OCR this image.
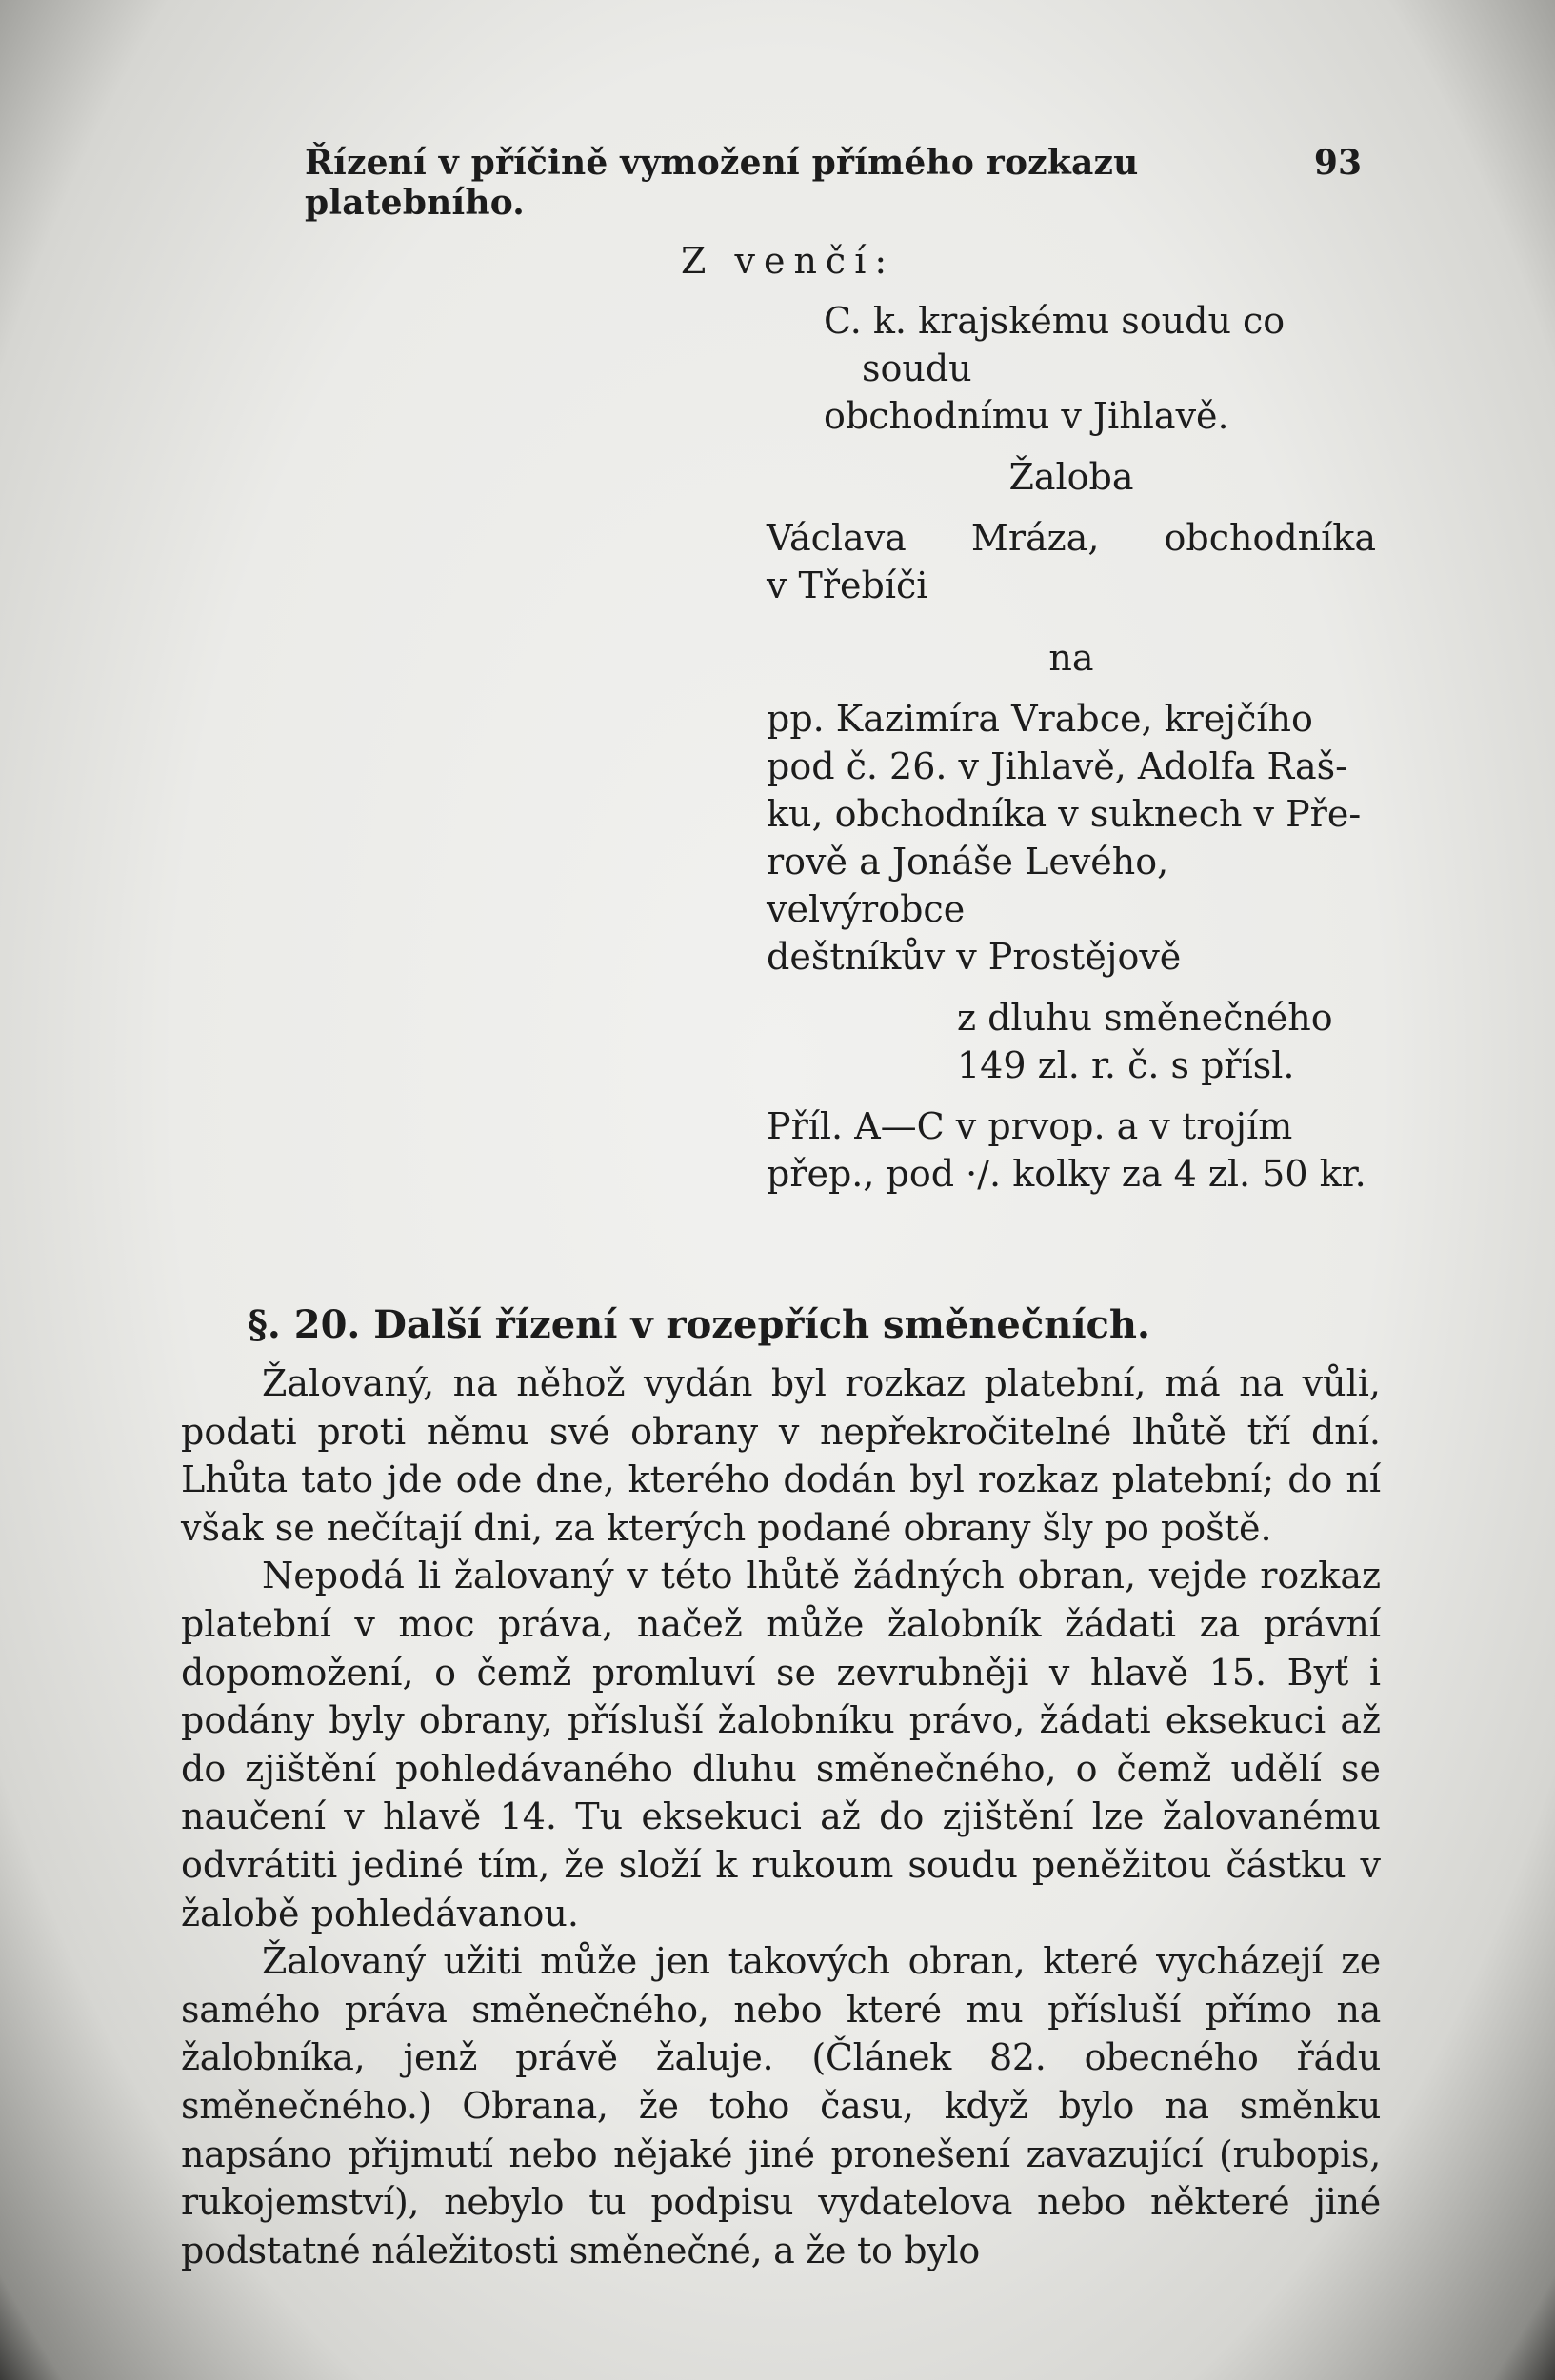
Řízení v příčině vymožení přímého rozkazu platebního.
93
Z venčí:
C. k. krajskému soudu co soudu
obchodnímu v Jihlavě.
Žaloba
Václava Mráza, obchodníka
v Třebíči
na
pp. Kazimíra Vrabce, krejčího
pod č. 26. v Jihlavě, Adolfa Raš-
ku, obchodníka v suknech v Pře-
rově a Jonáše Levého, velvýrobce
deštníkův v Prostějově
z dluhu směnečného
149 zl. r. č. s přísl.
Příl. A—C v prvop. a v trojím
přep., pod ·/. kolky za 4 zl. 50 kr.
§. 20. Další řízení v rozepřích směnečních.

Žalovaný, na něhož vydán byl rozkaz platební, má na vůli, podati proti němu své obrany v nepřekročitelné lhůtě tří dní. Lhůta tato jde ode dne, kterého dodán byl rozkaz platební; do ní však se nečítají dni, za kterých podané obrany šly po poště.

Nepodá li žalovaný v této lhůtě žádných obran, vejde rozkaz platební v moc práva, načež může žalobník žádati za právní dopomožení, o čemž promluví se zevrubněji v hlavě 15. Byť i podány byly obrany, přísluší žalobníku právo, žádati eksekuci až do zjištění pohledávaného dluhu směnečného, o čemž udělí se naučení v hlavě 14. Tu eksekuci až do zjištění lze žalovanému odvrátiti jediné tím, že složí k rukoum soudu peněžitou částku v žalobě pohledávanou.

Žalovaný užiti může jen takových obran, které vycházejí ze samého práva směnečného, nebo které mu přísluší přímo na žalobníka, jenž právě žaluje. (Článek 82. obecného řádu směnečného.) Obrana, že toho času, když bylo na směnku napsáno přijmutí nebo nějaké jiné pronešení zavazující (rubopis, rukojemství), nebylo tu podpisu vydatelova nebo některé jiné podstatné náležitosti směnečné, a že to bylo
